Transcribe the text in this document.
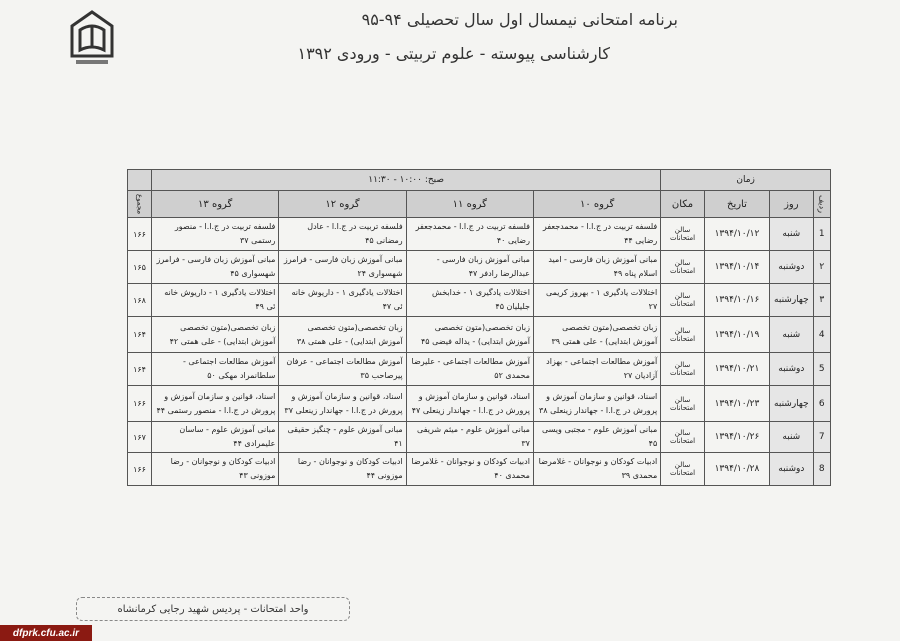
برنامه امتحانی نیمسال اول سال تحصیلی ۹۴-۹۵
کارشناسی پیوسته - علوم تربیتی - ورودی ۱۳۹۲
زمان				صبح: ۱۰:۰۰ - ۱۱:۳۰				
ردیف	روز	تاریخ	مکان	گروه ۱۰	گروه ۱۱	گروه ۱۲	گروه ۱۳	مجموع
1	شنبه	۱۳۹۴/۱۰/۱۲	سالن امتحانات	فلسفه تربیت در ج.ا.ا - محمدجعفر رضایی ۴۴	فلسفه تربیت در ج.ا.ا - محمدجعفر رضایی ۴۰	فلسفه تربیت در ج.ا.ا - عادل رمضانی ۴۵	فلسفه تربیت در ج.ا.ا - منصور رستمی ۳۷	۱۶۶
۲	دوشنبه	۱۳۹۴/۱۰/۱۴	سالن امتحانات	مبانی آموزش زبان فارسی - امید اسلام پناه ۴۹	مبانی آموزش زبان فارسی - عبدالرضا رادفر ۴۷	مبانی آموزش زبان فارسی - فرامرز شهسواری ۲۴	مبانی آموزش زبان فارسی - فرامرز شهسواری ۴۵	۱۶۵
۳	چهارشنبه	۱۳۹۴/۱۰/۱۶	سالن امتحانات	اختلالات یادگیری ۱ - بهروز کریمی ۲۷	اختلالات یادگیری ۱ - خدابخش جلیلیان ۴۵	اختلالات یادگیری ۱ - داریوش خانه ئی ۴۷	اختلالات یادگیری ۱ - داریوش خانه ئی ۴۹	۱۶۸
4	شنبه	۱۳۹۴/۱۰/۱۹	سالن امتحانات	زبان تخصصی(متون تخصصی آموزش ابتدایی) - علی همتی ۳۹	زبان تخصصی(متون تخصصی آموزش ابتدایی) - یداله فیضی ۴۵	زبان تخصصی(متون تخصصی آموزش ابتدایی) - علی همتی ۳۸	زبان تخصصی(متون تخصصی آموزش ابتدایی) - علی همتی ۴۲	۱۶۴
5	دوشنبه	۱۳۹۴/۱۰/۲۱	سالن امتحانات	آموزش مطالعات اجتماعی - بهزاد آزادیان ۲۷	آموزش مطالعات اجتماعی - علیرضا محمدی ۵۲	آموزش مطالعات اجتماعی - عرفان پیرصاحب ۳۵	آموزش مطالعات اجتماعی - سلطانمراد مهکی ۵۰	۱۶۴
6	چهارشنبه	۱۳۹۴/۱۰/۲۳	سالن امتحانات	اسناد، قوانین و سازمان آموزش و پرورش در ج.ا.ا - جهاندار زینعلی ۳۸	اسناد، قوانین و سازمان آموزش و پرورش در ج.ا.ا - جهاندار زینعلی ۴۷	اسناد، قوانین و سازمان آموزش و پرورش در ج.ا.ا - جهاندار زینعلی ۳۷	اسناد، قوانین و سازمان آموزش و پرورش در ج.ا.ا - منصور رستمی ۴۴	۱۶۶
7	شنبه	۱۳۹۴/۱۰/۲۶	سالن امتحانات	مبانی آموزش علوم - مجتبی ویسی ۴۵	مبانی آموزش علوم - میثم شریفی ۳۷	مبانی آموزش علوم - چنگیز حقیقی ۴۱	مبانی آموزش علوم - ساسان علیمرادی ۴۴	۱۶۷
8	دوشنبه	۱۳۹۴/۱۰/۲۸	سالن امتحانات	ادبیات کودکان و نوجوانان - غلامرضا محمدی ۳۹	ادبیات کودکان و نوجوانان - غلامرضا محمدی ۴۰	ادبیات کودکان و نوجوانان - رضا موزونی ۴۴	ادبیات کودکان و نوجوانان - رضا موزونی ۴۳	۱۶۶
واحد امتحانات - پردیس شهید رجایی کرمانشاه
dfprk.cfu.ac.ir
